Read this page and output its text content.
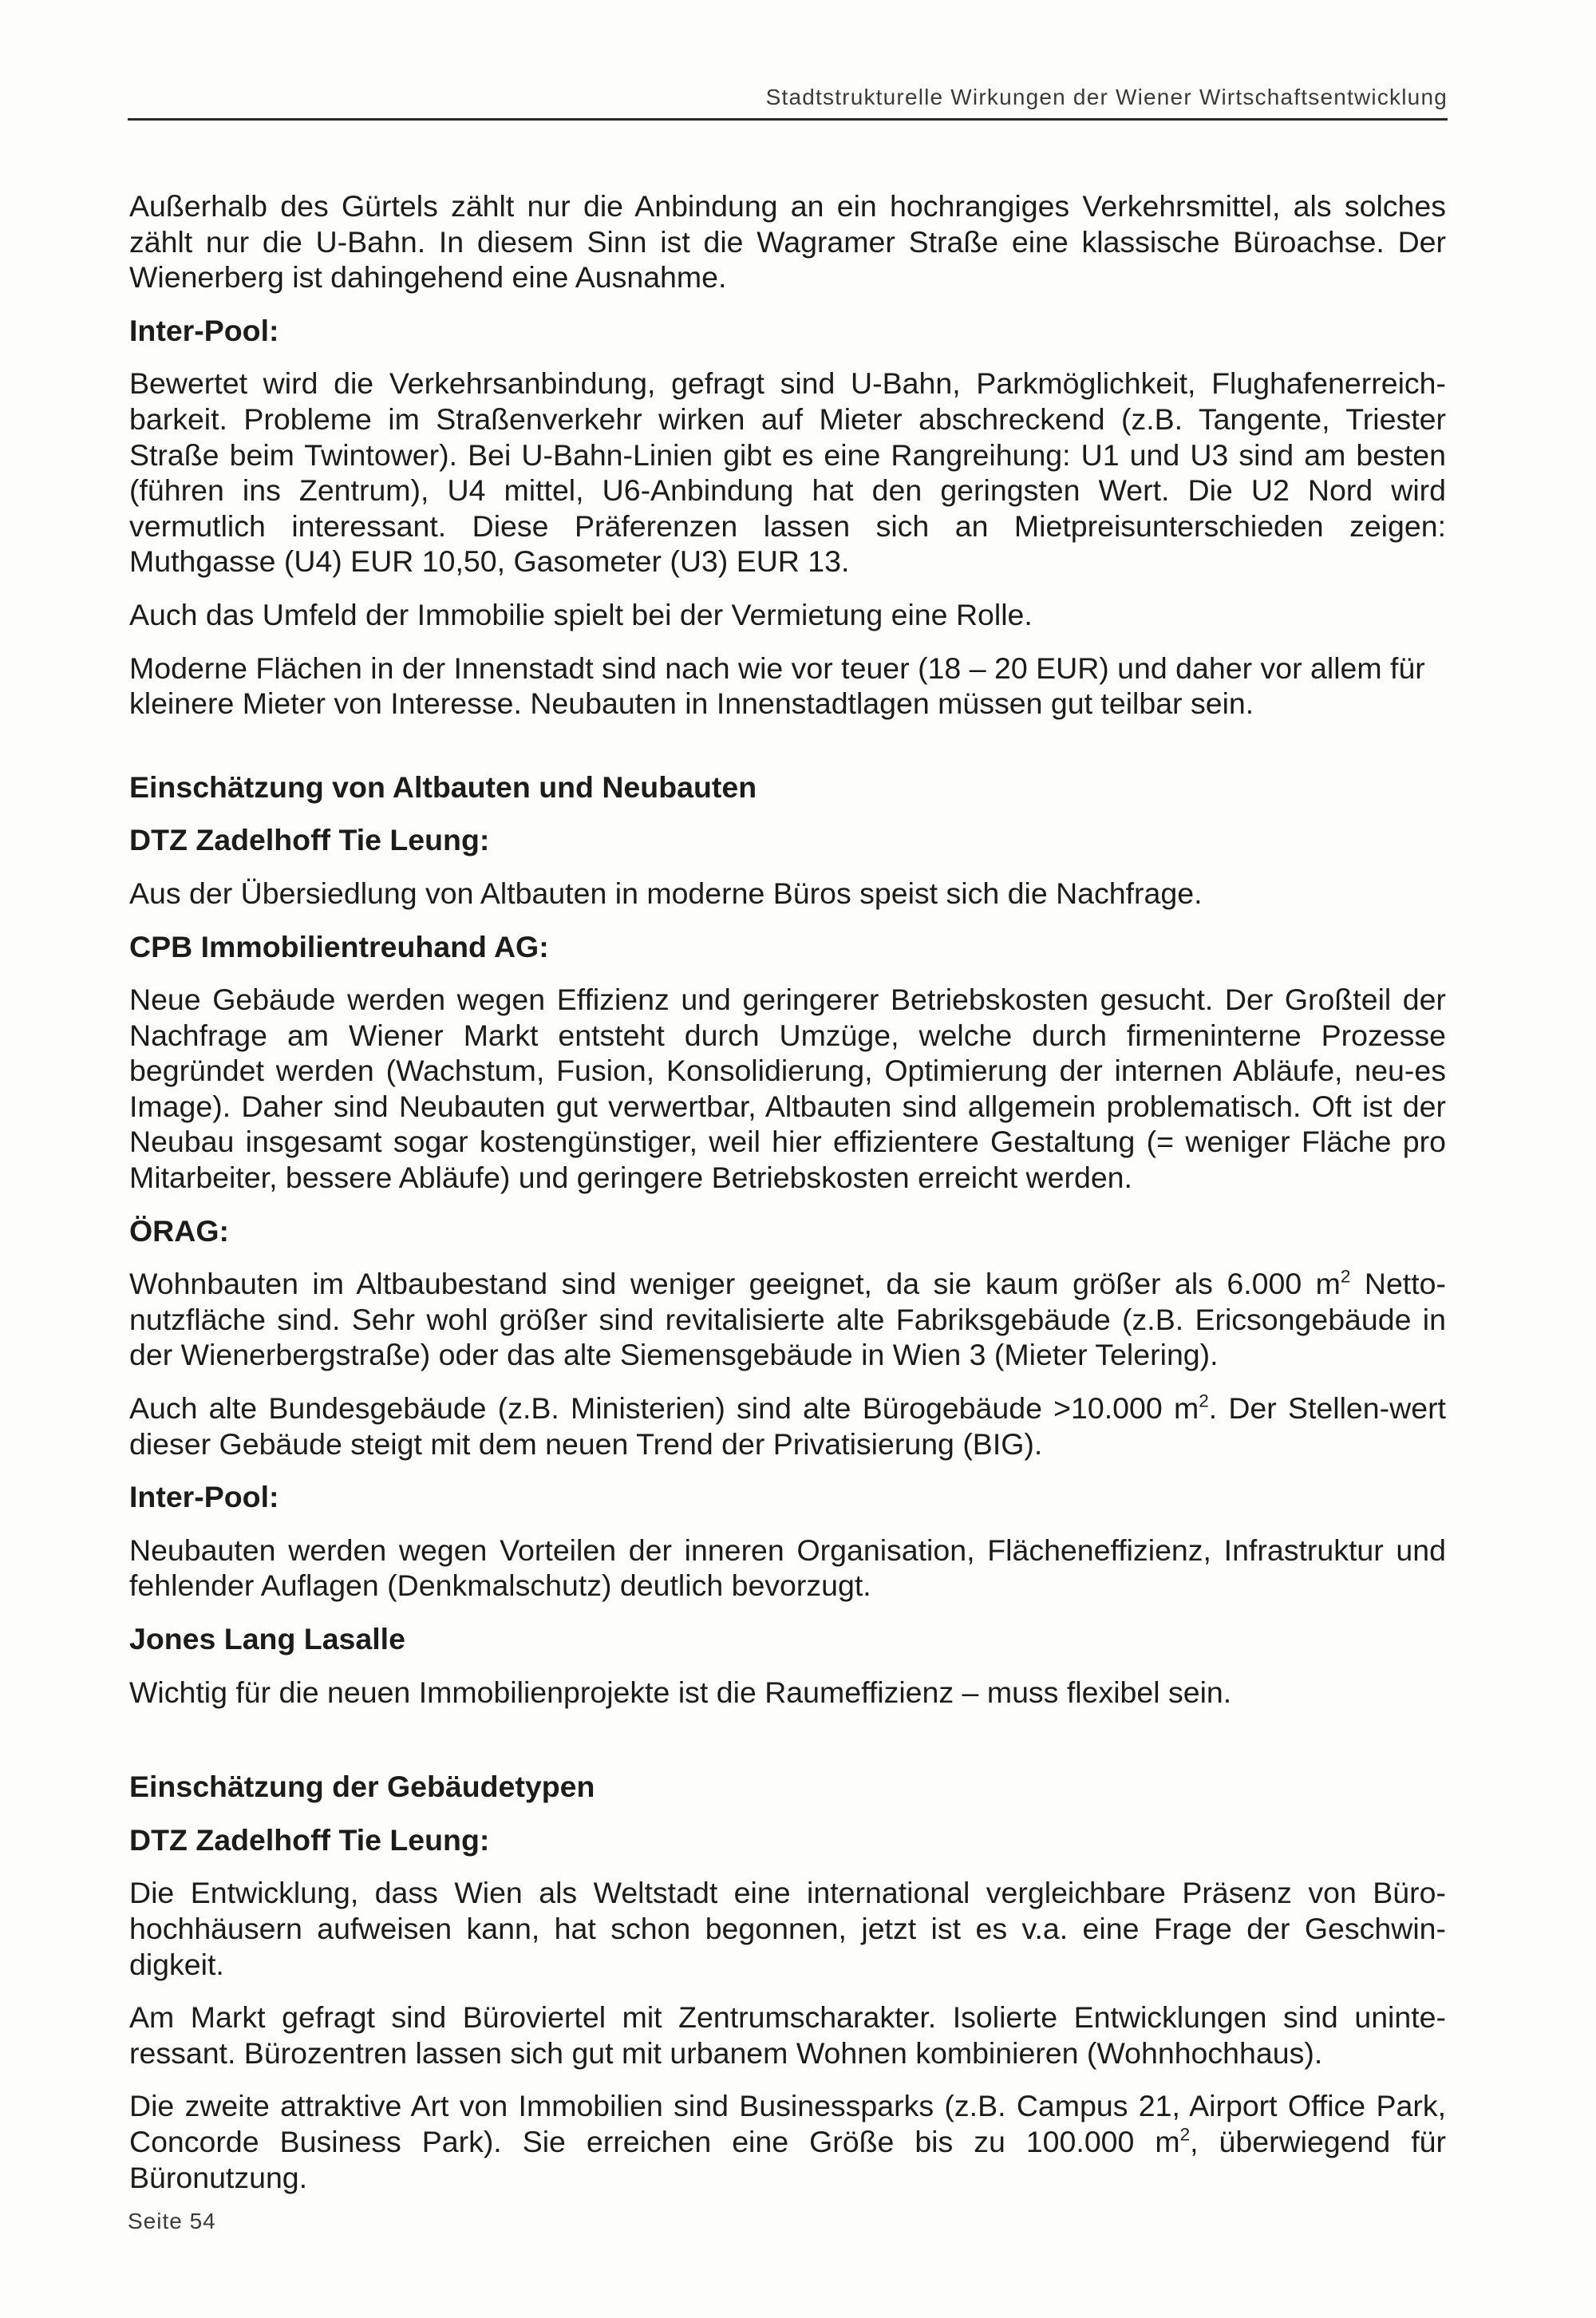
Stadtstrukturelle Wirkungen der Wiener Wirtschaftsentwicklung

Außerhalb des Gürtels zählt nur die Anbindung an ein hochrangiges Verkehrsmittel, als solches zählt nur die U-Bahn. In diesem Sinn ist die Wagramer Straße eine klassische Büroachse. Der Wienerberg ist dahingehend eine Ausnahme.

Inter-Pool:

Bewertet wird die Verkehrsanbindung, gefragt sind U-Bahn, Parkmöglichkeit, Flughafenerreich-barkeit. Probleme im Straßenverkehr wirken auf Mieter abschreckend (z.B. Tangente, Triester Straße beim Twintower). Bei U-Bahn-Linien gibt es eine Rangreihung: U1 und U3 sind am besten (führen ins Zentrum), U4 mittel, U6-Anbindung hat den geringsten Wert. Die U2 Nord wird vermutlich interessant. Diese Präferenzen lassen sich an Mietpreisunterschieden zeigen: Muthgasse (U4) EUR 10,50, Gasometer (U3) EUR 13.

Auch das Umfeld der Immobilie spielt bei der Vermietung eine Rolle.

Moderne Flächen in der Innenstadt sind nach wie vor teuer (18 – 20 EUR) und daher vor allem für kleinere Mieter von Interesse. Neubauten in Innenstadtlagen müssen gut teilbar sein.

Einschätzung von Altbauten und Neubauten
DTZ Zadelhoff Tie Leung:

Aus der Übersiedlung von Altbauten in moderne Büros speist sich die Nachfrage.

CPB Immobilientreuhand AG:

Neue Gebäude werden wegen Effizienz und geringerer Betriebskosten gesucht. Der Großteil der Nachfrage am Wiener Markt entsteht durch Umzüge, welche durch firmeninterne Prozesse begründet werden (Wachstum, Fusion, Konsolidierung, Optimierung der internen Abläufe, neu-es Image). Daher sind Neubauten gut verwertbar, Altbauten sind allgemein problematisch. Oft ist der Neubau insgesamt sogar kostengünstiger, weil hier effizientere Gestaltung (= weniger Fläche pro Mitarbeiter, bessere Abläufe) und geringere Betriebskosten erreicht werden.

ÖRAG:

Wohnbauten im Altbaubestand sind weniger geeignet, da sie kaum größer als 6.000 $m^2$ Netto-nutzfläche sind. Sehr wohl größer sind revitalisierte alte Fabriksgebäude (z.B. Ericsongebäude in der Wienerbergstraße) oder das alte Siemensgebäude in Wien 3 (Mieter Telering).

Auch alte Bundesgebäude (z.B. Ministerien) sind alte Bürogebäude >10.000 $m^2$. Der Stellen-wert dieser Gebäude steigt mit dem neuen Trend der Privatisierung (BIG).

Inter-Pool:

Neubauten werden wegen Vorteilen der inneren Organisation, Flächeneffizienz, Infrastruktur und fehlender Auflagen (Denkmalschutz) deutlich bevorzugt.

Jones Lang Lasalle

Wichtig für die neuen Immobilienprojekte ist die Raumeffizienz – muss flexibel sein.

Einschätzung der Gebäudetypen
DTZ Zadelhoff Tie Leung:

Die Entwicklung, dass Wien als Weltstadt eine international vergleichbare Präsenz von Büro-hochhäusern aufweisen kann, hat schon begonnen, jetzt ist es v.a. eine Frage der Geschwin-digkeit.

Am Markt gefragt sind Büroviertel mit Zentrumscharakter. Isolierte Entwicklungen sind uninte-ressant. Bürozentren lassen sich gut mit urbanem Wohnen kombinieren (Wohnhochhaus).

Die zweite attraktive Art von Immobilien sind Businessparks (z.B. Campus 21, Airport Office Park, Concorde Business Park). Sie erreichen eine Größe bis zu 100.000 $m^2$, überwiegend für Büronutzung.

Seite 54
